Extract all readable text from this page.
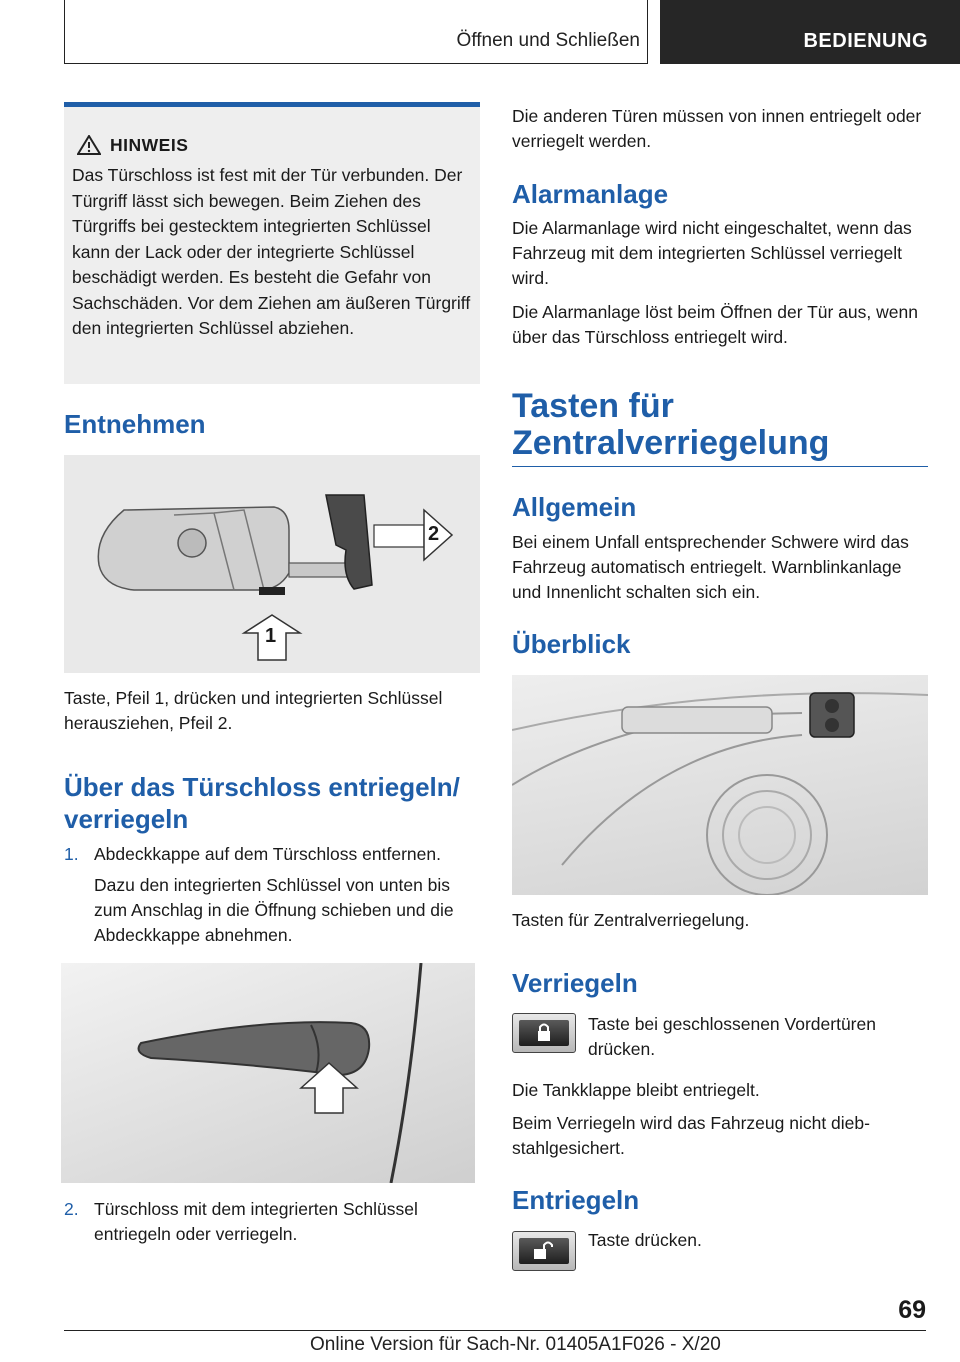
Öffnen und Schließen	BEDIENUNG
HINWEIS
Das Türschloss ist fest mit der Tür verbunden. Der Türgriff lässt sich bewegen. Beim Ziehen des Türgriffs bei gestecktem integrierten Schlüssel kann der Lack oder der integrierte Schlüssel beschädigt werden. Es besteht die Gefahr von Sachschäden. Vor dem Ziehen am äußeren Türgriff den integrierten Schlüssel abziehen.
Entnehmen
1
2
Taste, Pfeil 1, drücken und integrierten Schlüssel herausziehen, Pfeil 2.
Über das Türschloss entriegeln/ verriegeln
1. Abdeckkappe auf dem Türschloss entfernen.
Dazu den integrierten Schlüssel von unten bis zum Anschlag in die Öffnung schieben und die Abdeckkappe abnehmen.
2. Türschloss mit dem integrierten Schlüssel entriegeln oder verriegeln.
Die anderen Türen müssen von innen entriegelt oder verriegelt werden.
Alarmanlage
Die Alarmanlage wird nicht eingeschaltet, wenn das Fahrzeug mit dem integrierten Schlüssel verriegelt wird.
Die Alarmanlage löst beim Öffnen der Tür aus, wenn über das Türschloss entriegelt wird.
Tasten für Zentralverriegelung
Allgemein
Bei einem Unfall entsprechender Schwere wird das Fahrzeug automatisch entriegelt. Warnblinkanlage und Innenlicht schalten sich ein.
Überblick
Tasten für Zentralverriegelung.
Verriegeln
Taste bei geschlossenen Vordertüren drücken.
Die Tankklappe bleibt entriegelt.
Beim Verriegeln wird das Fahrzeug nicht diebstahlgesichert.
Entriegeln
Taste drücken.
69
Online Version für Sach-Nr. 01405A1F026 - X/20
